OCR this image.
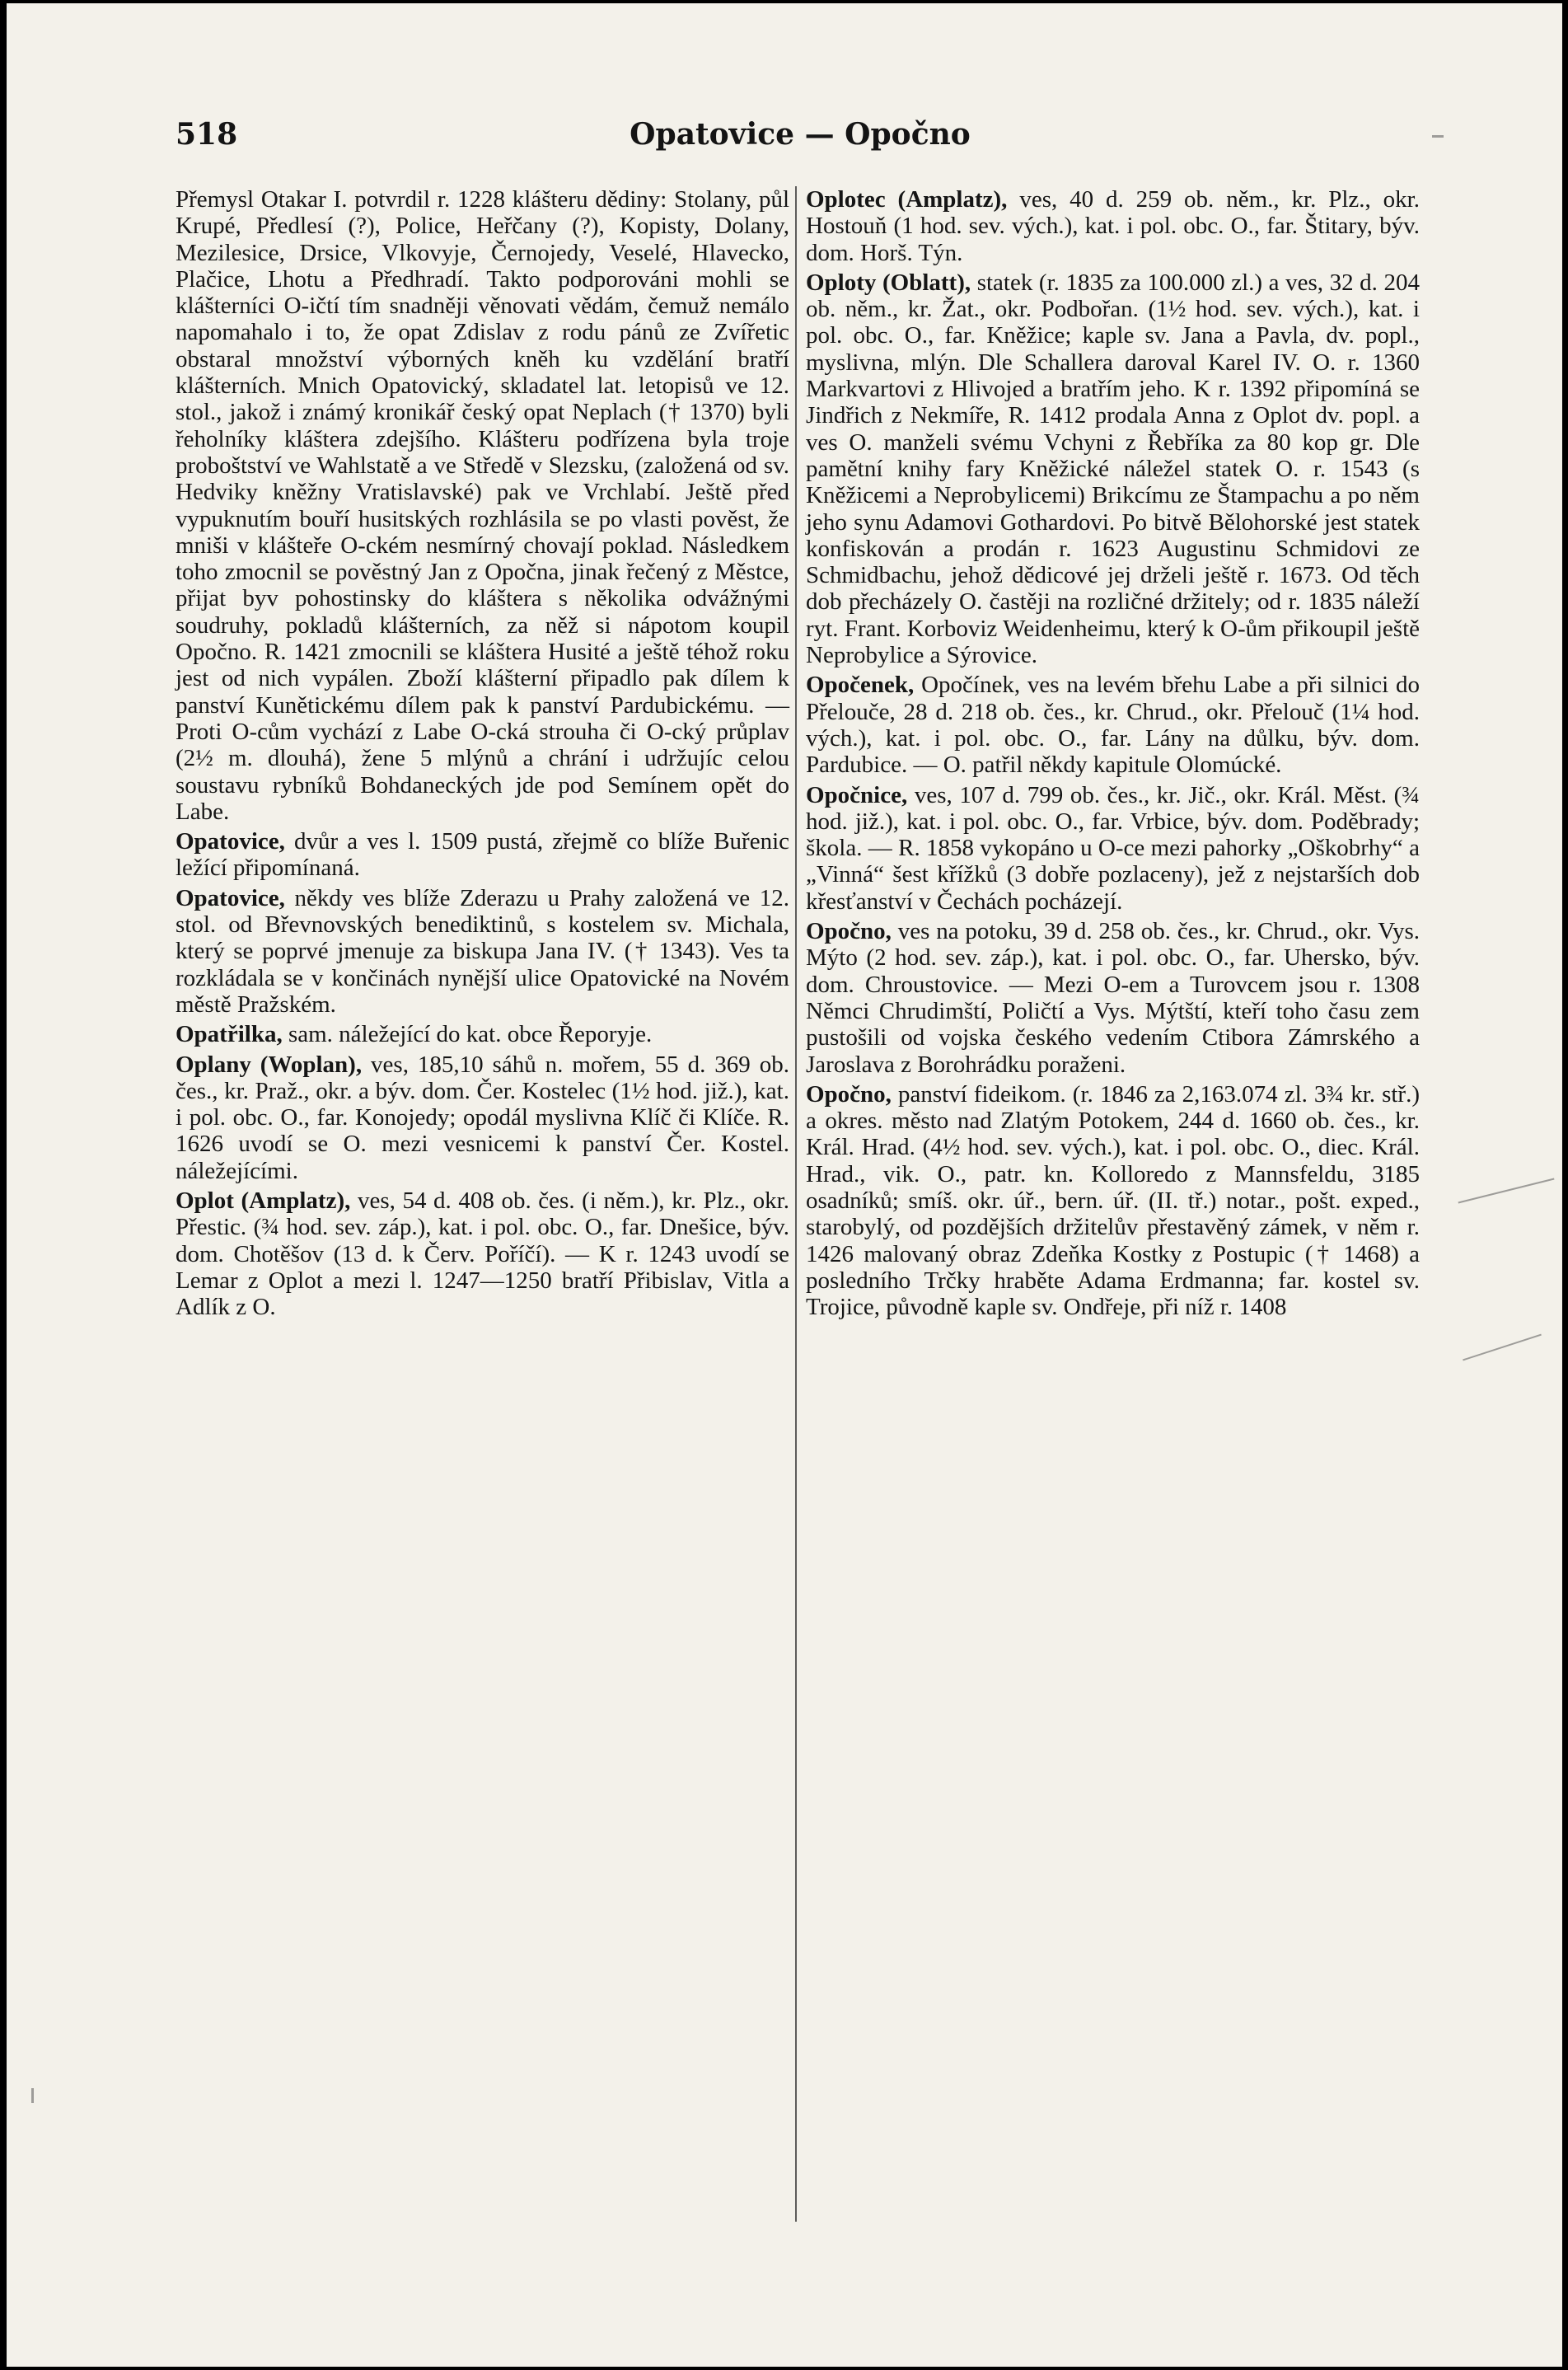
518	Opatovice — Opočno

Přemysl Otakar I. potvrdil r. 1228 klášteru dědiny: Stolany, půl Krupé, Předlesí (?), Police, Heřčany (?), Kopisty, Dolany, Mezilesice, Drsice, Vlkovyje, Černojedy, Veselé, Hlavecko, Plačice, Lhotu a Předhradí. Takto podporováni mohli se klášterníci O-ičtí tím snadněji věnovati vědám, čemuž nemálo napomahalo i to, že opat Zdislav z rodu pánů ze Zvířetic obstaral množství výborných kněh ku vzdělání bratří klášterních. Mnich Opatovický, skladatel lat. letopisů ve 12. stol., jakož i známý kronikář český opat Neplach († 1370) byli řeholníky kláštera zdejšího. Klášteru podřízena byla troje proboštství ve Wahlstatě a ve Středě v Slezsku, (založená od sv. Hedviky kněžny Vratislavské) pak ve Vrchlabí. Ještě před vypuknutím bouří husitských rozhlásila se po vlasti pověst, že mniši v klášteře O-ckém nesmírný chovají poklad. Následkem toho zmocnil se pověstný Jan z Opočna, jinak řečený z Městce, přijat byv pohostinsky do kláštera s několika odvážnými soudruhy, pokladů klášterních, za něž si nápotom koupil Opočno. R. 1421 zmocnili se kláštera Husité a ještě téhož roku jest od nich vypálen. Zboží klášterní připadlo pak dílem k panství Kunětickému dílem pak k panství Pardubickému. — Proti O-cům vychází z Labe O-cká strouha či O-cký průplav (2½ m. dlouhá), žene 5 mlýnů a chrání i udržujíc celou soustavu rybníků Bohdaneckých jde pod Semínem opět do Labe.

Opatovice, dvůr a ves l. 1509 pustá, zřejmě co blíže Buřenic ležící připomínaná.

Opatovice, někdy ves blíže Zderazu u Prahy založená ve 12. stol. od Břevnovských benediktinů, s kostelem sv. Michala, který se poprvé jmenuje za biskupa Jana IV. († 1343). Ves ta rozkládala se v končinách nynější ulice Opatovické na Novém městě Pražském.

Opatřilka, sam. náležející do kat. obce Řeporyje.

Oplany (Woplan), ves, 185,10 sáhů n. mořem, 55 d. 369 ob. čes., kr. Praž., okr. a býv. dom. Čer. Kostelec (1½ hod. již.), kat. i pol. obc. O., far. Konojedy; opodál myslivna Klíč či Klíče. R. 1626 uvodí se O. mezi vesnicemi k panství Čer. Kostel. náležejícími.

Oplot (Amplatz), ves, 54 d. 408 ob. čes. (i něm.), kr. Plz., okr. Přestic. (¾ hod. sev. záp.), kat. i pol. obc. O., far. Dnešice, býv. dom. Chotěšov (13 d. k Červ. Poříčí). — K r. 1243 uvodí se Lemar z Oplot a mezi l. 1247—1250 bratří Přibislav, Vitla a Adlík z O.

Oplotec (Amplatz), ves, 40 d. 259 ob. něm., kr. Plz., okr. Hostouň (1 hod. sev. vých.), kat. i pol. obc. O., far. Štitary, býv. dom. Horš. Týn.

Oploty (Oblatt), statek (r. 1835 za 100.000 zl.) a ves, 32 d. 204 ob. něm., kr. Žat., okr. Podbořan. (1½ hod. sev. vých.), kat. i pol. obc. O., far. Kněžice; kaple sv. Jana a Pavla, dv. popl., myslivna, mlýn. Dle Schallera daroval Karel IV. O. r. 1360 Markvartovi z Hlivojed a bratřím jeho. K r. 1392 připomíná se Jindřich z Nekmíře, R. 1412 prodala Anna z Oplot dv. popl. a ves O. manželi svému Vchyni z Řebříka za 80 kop gr. Dle pamětní knihy fary Kněžické náležel statek O. r. 1543 (s Kněžicemi a Neprobylicemi) Brikcímu ze Štampachu a po něm jeho synu Adamovi Gothardovi. Po bitvě Bělohorské jest statek konfiskován a prodán r. 1623 Augustinu Schmidovi ze Schmidbachu, jehož dědicové jej drželi ještě r. 1673. Od těch dob přecházely O. častěji na rozličné držitely; od r. 1835 náleží ryt. Frant. Korboviz Weidenheimu, který k O-ům přikoupil ještě Neprobylice a Sýrovice.

Opočenek, Opočínek, ves na levém břehu Labe a při silnici do Přelouče, 28 d. 218 ob. čes., kr. Chrud., okr. Přelouč (1¼ hod. vých.), kat. i pol. obc. O., far. Lány na důlku, býv. dom. Pardubice. — O. patřil někdy kapitule Olomúcké.

Opočnice, ves, 107 d. 799 ob. čes., kr. Jič., okr. Král. Měst. (¾ hod. již.), kat. i pol. obc. O., far. Vrbice, býv. dom. Poděbrady; škola. — R. 1858 vykopáno u O-ce mezi pahorky „Oškobrhy“ a „Vinná“ šest křížků (3 dobře pozlaceny), jež z nejstarších dob křesťanství v Čechách pocházejí.

Opočno, ves na potoku, 39 d. 258 ob. čes., kr. Chrud., okr. Vys. Mýto (2 hod. sev. záp.), kat. i pol. obc. O., far. Uhersko, býv. dom. Chroustovice. — Mezi O-em a Turovcem jsou r. 1308 Němci Chrudimští, Poličtí a Vys. Mýtští, kteří toho času zem pustošili od vojska českého vedením Ctibora Zámrského a Jaroslava z Borohrádku poraženi.

Opočno, panství fideikom. (r. 1846 za 2,163.074 zl. 3¾ kr. stř.) a okres. město nad Zlatým Potokem, 244 d. 1660 ob. čes., kr. Král. Hrad. (4½ hod. sev. vých.), kat. i pol. obc. O., diec. Král. Hrad., vik. O., patr. kn. Kolloredo z Mannsfeldu, 3185 osadníků; smíš. okr. úř., bern. úř. (II. tř.) notar., pošt. exped., starobylý, od pozdějších držitelův přestavěný zámek, v něm r. 1426 malovaný obraz Zdeňka Kostky z Postupic († 1468) a posledního Trčky hraběte Adama Erdmanna; far. kostel sv. Trojice, původně kaple sv. Ondřeje, při níž r. 1408
